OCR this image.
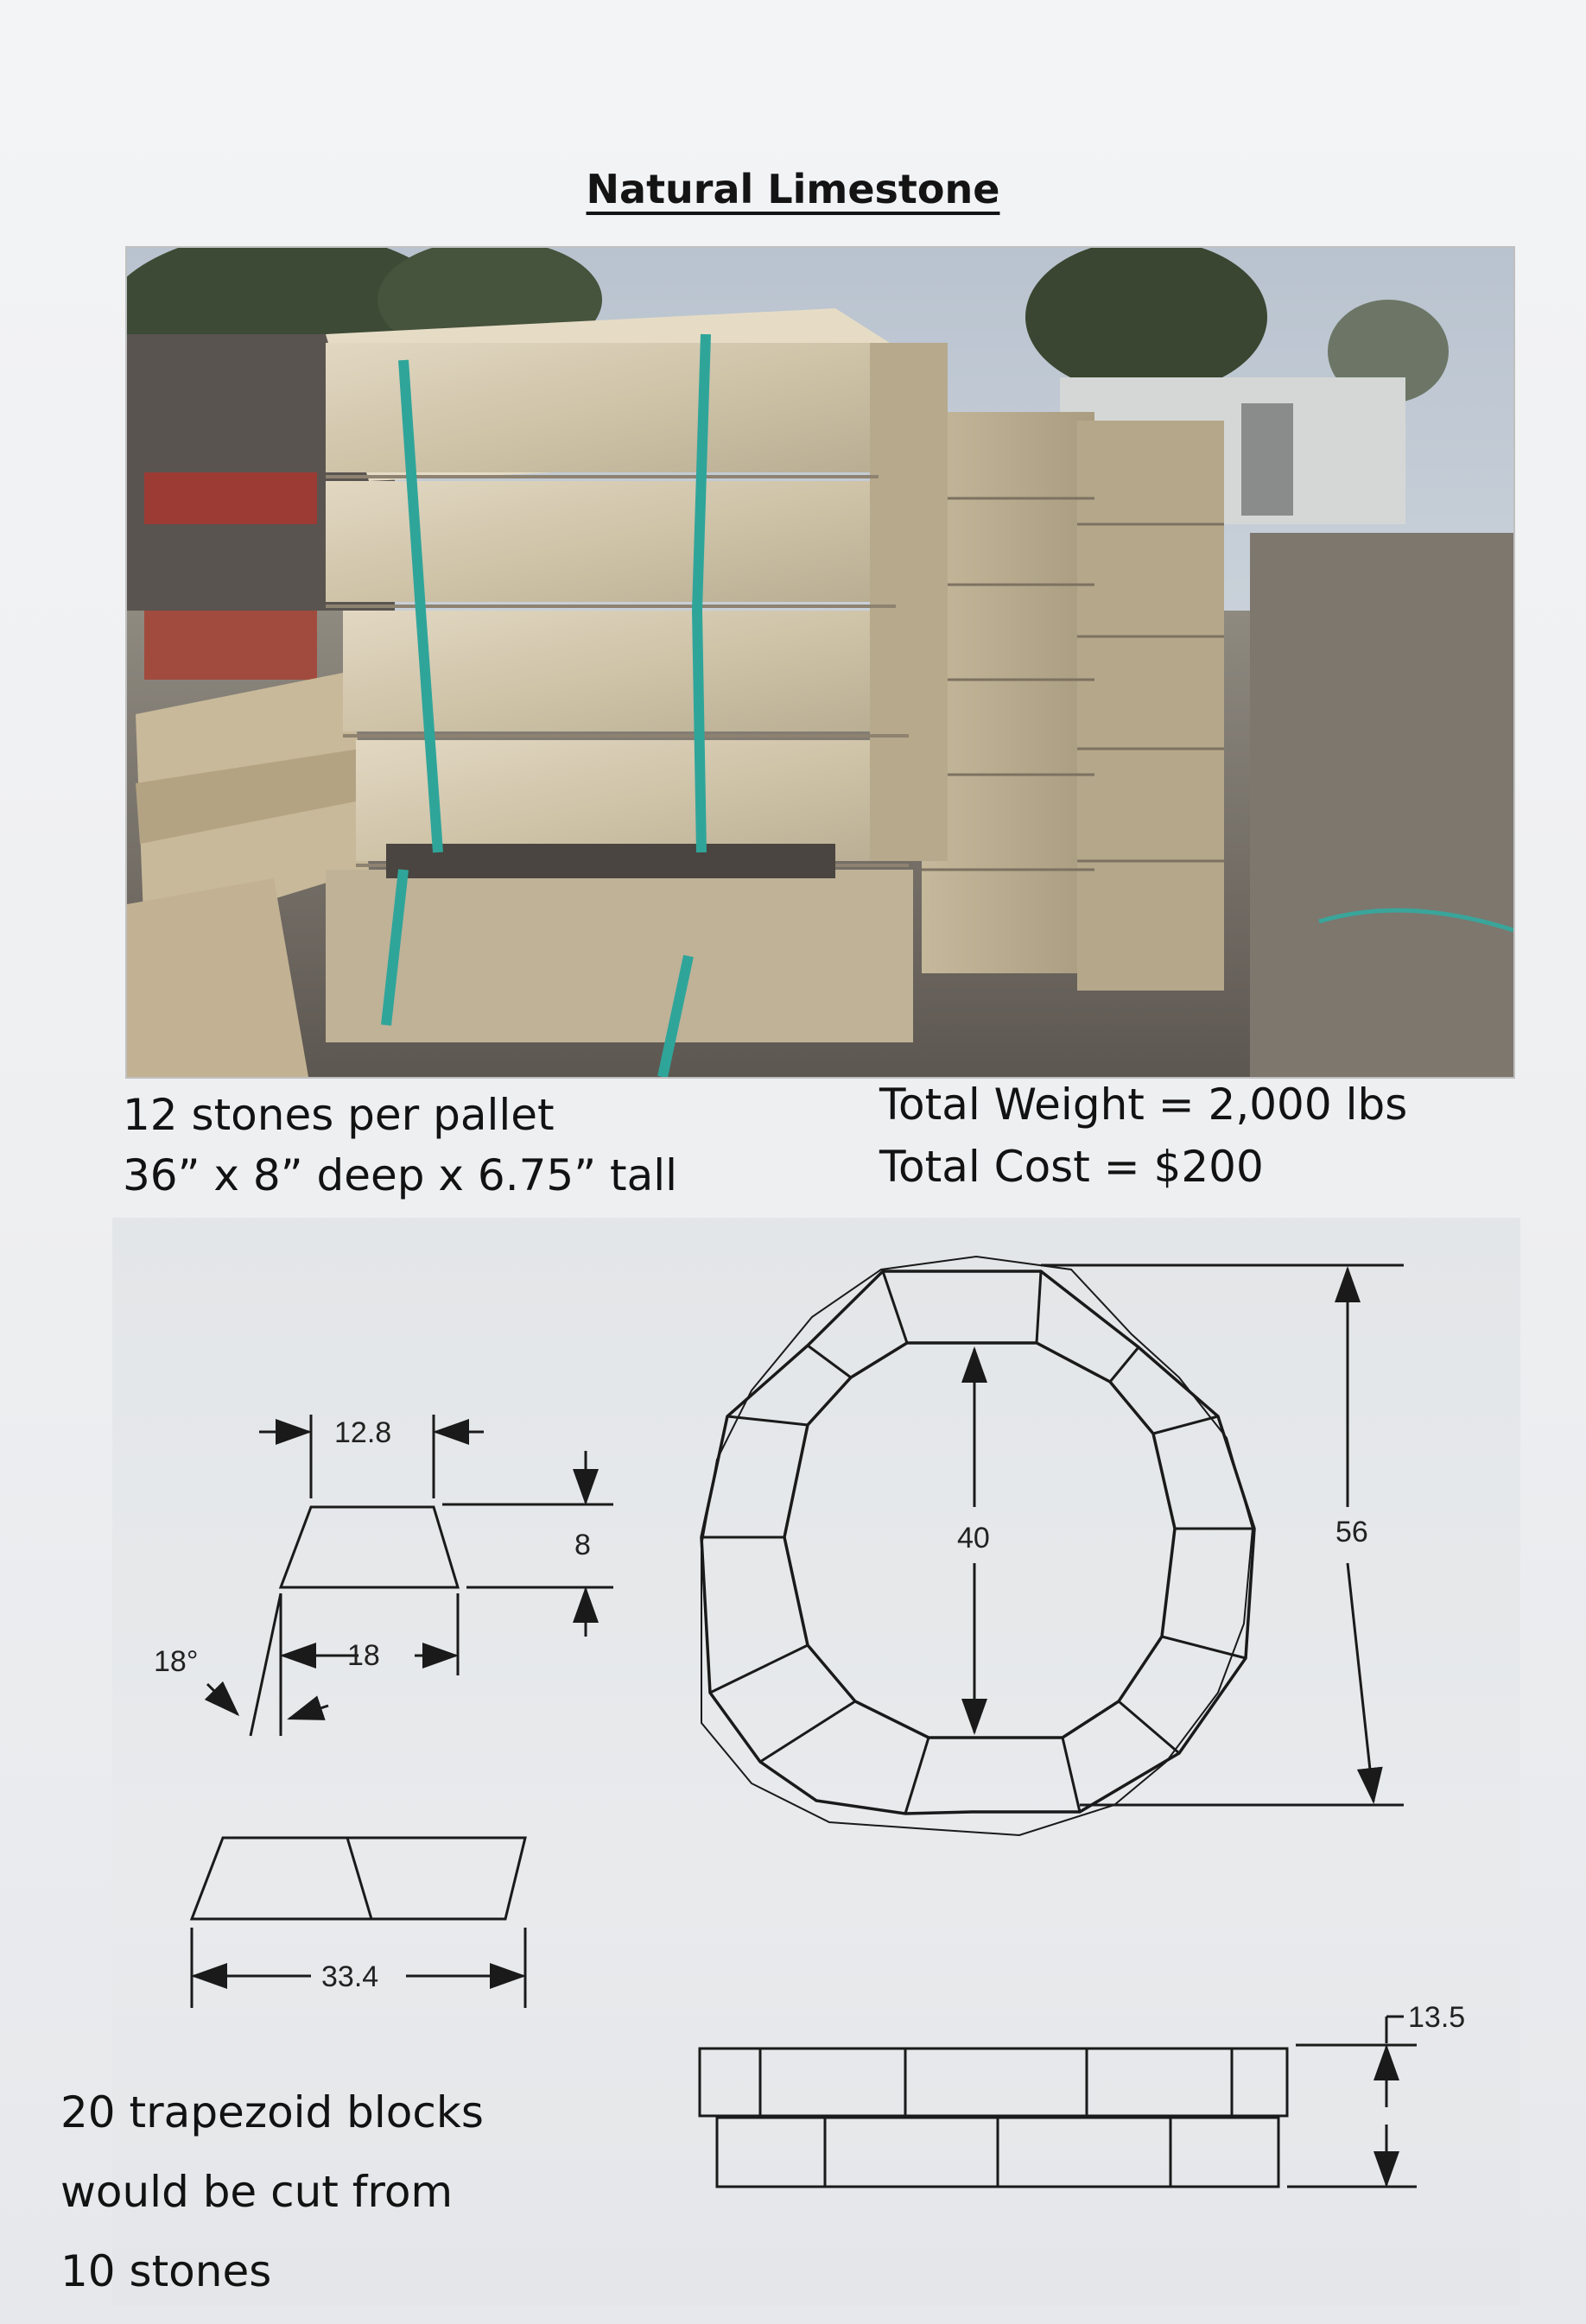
Natural Limestone
12 stones per pallet
36” x 8” deep x 6.75” tall
Total Weight = 2,000 lbs
Total Cost = $200
12.8
8
18
18°
33.4
40	56
13.5
20 trapezoid blocks
would be cut from
10 stones
